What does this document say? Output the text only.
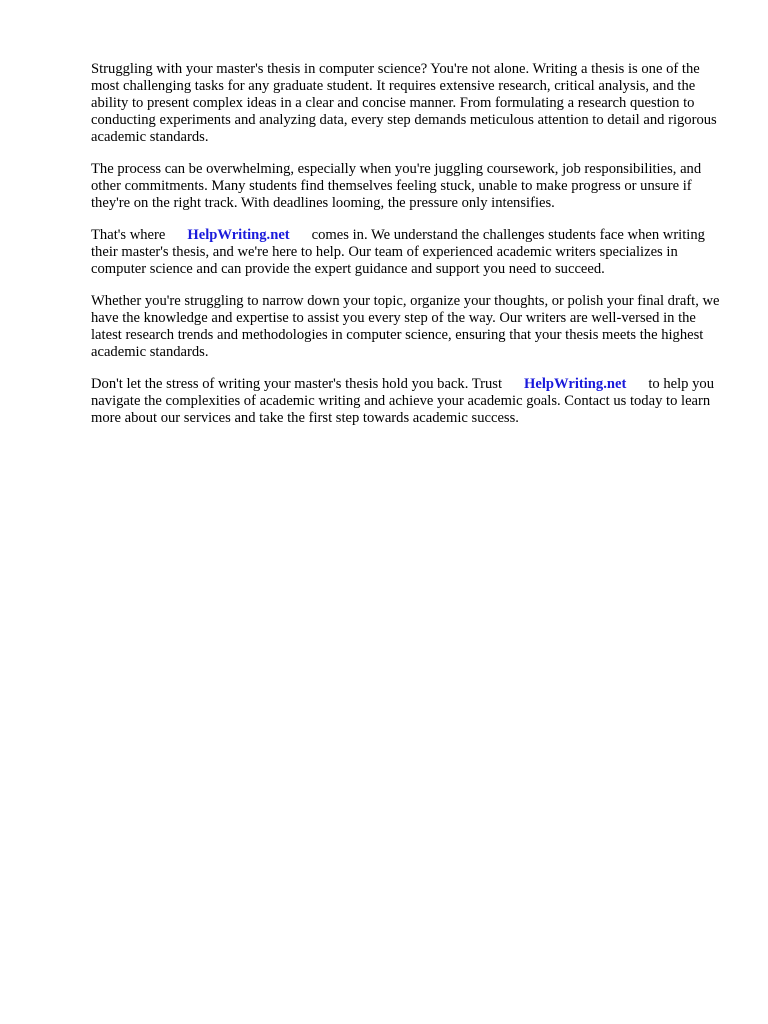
Struggling with your master's thesis in computer science? You're not alone. Writing a thesis is one of the most challenging tasks for any graduate student. It requires extensive research, critical analysis, and the ability to present complex ideas in a clear and concise manner. From formulating a research question to conducting experiments and analyzing data, every step demands meticulous attention to detail and rigorous academic standards.

The process can be overwhelming, especially when you're juggling coursework, job responsibilities, and other commitments. Many students find themselves feeling stuck, unable to make progress or unsure if they're on the right track. With deadlines looming, the pressure only intensifies.

That's where HelpWriting.net comes in. We understand the challenges students face when writing their master's thesis, and we're here to help. Our team of experienced academic writers specializes in computer science and can provide the expert guidance and support you need to succeed.

Whether you're struggling to narrow down your topic, organize your thoughts, or polish your final draft, we have the knowledge and expertise to assist you every step of the way. Our writers are well-versed in the latest research trends and methodologies in computer science, ensuring that your thesis meets the highest academic standards.

Don't let the stress of writing your master's thesis hold you back. Trust HelpWriting.net to help you navigate the complexities of academic writing and achieve your academic goals. Contact us today to learn more about our services and take the first step towards academic success.
